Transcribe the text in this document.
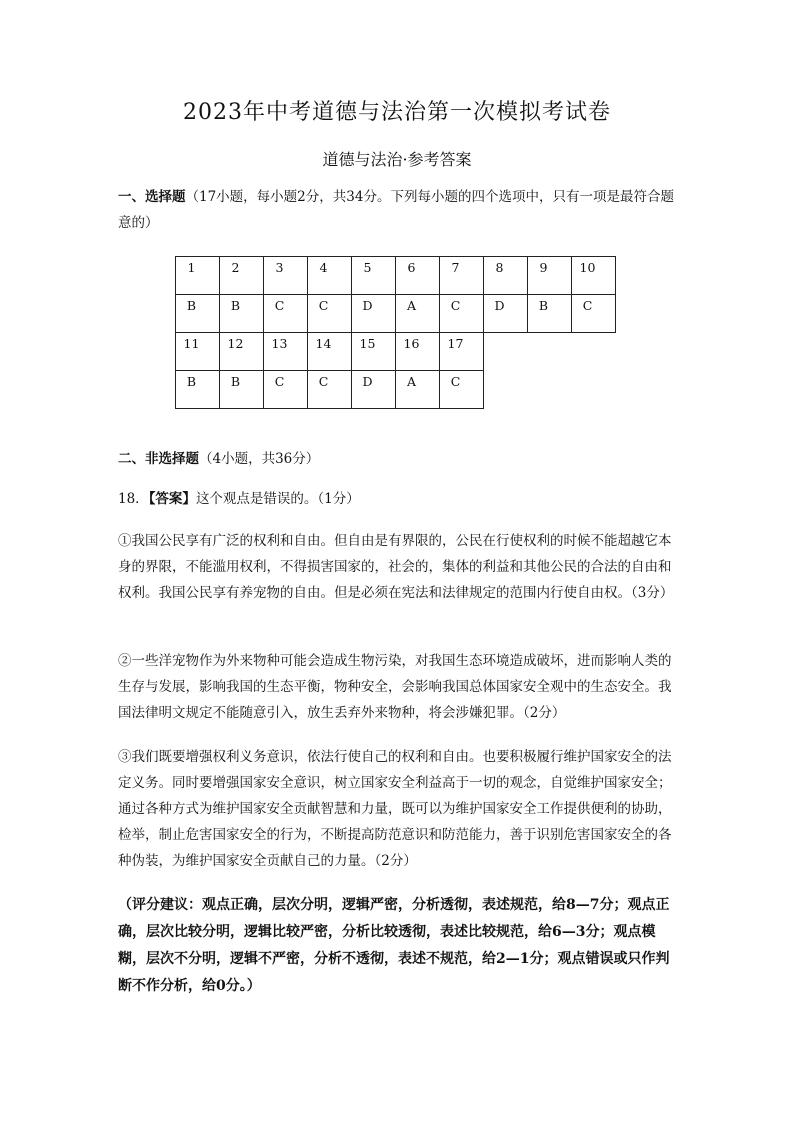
2023年中考道德与法治第一次模拟考试卷
道德与法治·参考答案
一、选择题（17小题，每小题2分，共34分。下列每小题的四个选项中，只有一项是最符合题意的）
1	2	3	4	5	6	7	8	9	10
B	B	C	C	D	A	C	D	B	C
11	12	13	14	15	16	17			
B	B	C	C	D	A	C			
二、非选择题（4小题，共36分）
18．【答案】这个观点是错误的。（1分）
①我国公民享有广泛的权利和自由。但自由是有界限的，公民在行使权利的时候不能超越它本身的界限，不能滥用权利，不得损害国家的，社会的，集体的利益和其他公民的合法的自由和权利。我国公民享有养宠物的自由。但是必须在宪法和法律规定的范围内行使自由权。（3分）
②一些洋宠物作为外来物种可能会造成生物污染，对我国生态环境造成破坏，进而影响人类的生存与发展，影响我国的生态平衡，物种安全，会影响我国总体国家安全观中的生态安全。我国法律明文规定不能随意引入，放生丢弃外来物种，将会涉嫌犯罪。（2分）
③我们既要增强权利义务意识，依法行使自己的权利和自由。也要积极履行维护国家安全的法定义务。同时要增强国家安全意识，树立国家安全利益高于一切的观念，自觉维护国家安全；通过各种方式为维护国家安全贡献智慧和力量，既可以为维护国家安全工作提供便利的协助，检举，制止危害国家安全的行为，不断提高防范意识和防范能力，善于识别危害国家安全的各种伪装，为维护国家安全贡献自己的力量。（2分）
（评分建议：观点正确，层次分明，逻辑严密，分析透彻，表述规范，给8—7分；观点正确，层次比较分明，逻辑比较严密，分析比较透彻，表述比较规范，给6—3分；观点模糊，层次不分明，逻辑不严密，分析不透彻，表述不规范，给2—1分；观点错误或只作判断不作分析，给0分。）
